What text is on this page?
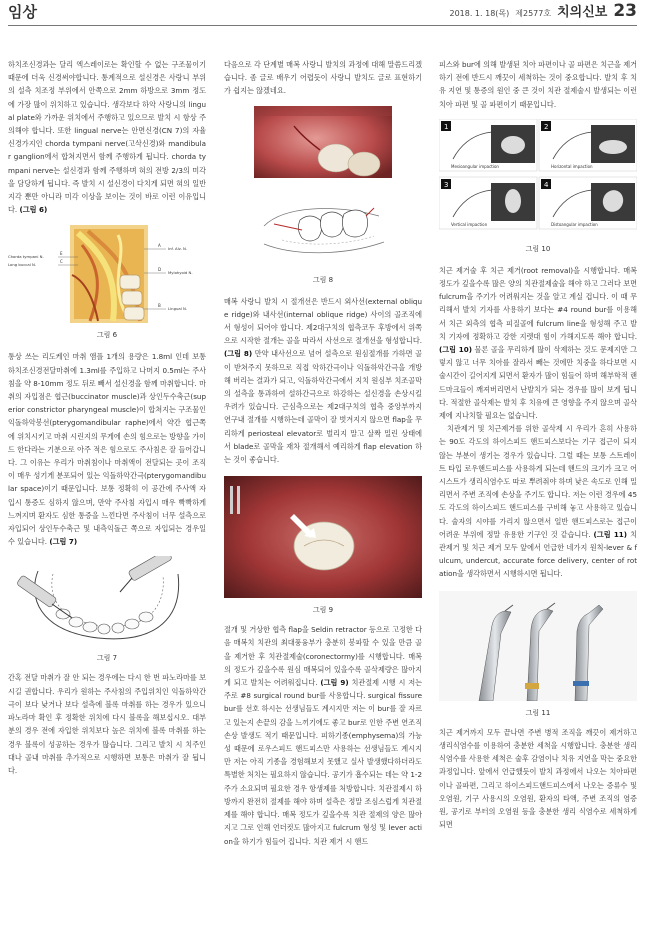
임상	2018. 1. 18(목) 제2577호 치의신보 23

하치조신경과는 달리 엑스레이로는 확인할 수 없는 구조물이기 때문에 더욱 신경써야합니다. 통계적으로 설신경은 사랑니 부위의 설측 치조정 부위에서 안쪽으로 2mm 하방으로 3mm 정도에 가장 많이 위치하고 있습니다. 생각보다 하악 사랑니의 lingual plate와 가까운 위치에서 주행하고 있으므로 발치 시 항상 주의해야 합니다. 또한 lingual nerve는 안면신경(CN 7)의 자율신경가지인 chorda tympani nerve(고삭신경)와 mandibular ganglion에서 합쳐지면서 함께 주행하게 됩니다. chorda tympani nerve는 설신경과 함께 주행하며 혀의 전방 2/3의 미각을 담당하게 됩니다. 즉 발치 시 설신경이 다치게 되면 혀의 일반 지각 뿐만 아니라 미각 이상을 보이는 것이 바로 이런 이유입니다. (그림 6)

Chorda tympani N.
Long buccal N.
E
C
A
Inf. Alv. N.
D
Mylohyoid N.
B
Lingual N.
그림 6

통상 쓰는 리도케인 마취 앰플 1개의 용량은 1.8ml 인데 보통 하치조신경전달마취에 1.3ml를 주입하고 나머지 0.5ml는 주사침을 약 8-10mm 정도 뒤로 빼서 설신경을 함께 마취합니다. 마취의 자입점은 협근(buccinator muscle)과 상인두수축근(superior constrictor pharyngeal muscle)이 합쳐지는 구조물인 익돌하악봉선(pterygomandibular raphe)에서 약간 협근쪽에 위치시키고 마취 시린지의 무게에 손의 힘으로는 방향을 가이드 한다라는 기분으로 아주 적은 힘으로도 주사침은 잘 들어갑니다. 그 이유는 우리가 마취침이나 마취액이 전달되는 곳이 조직이 매우 성기게 분포되어 있는 익돌하악간극(pterygomandibular space)이기 때문입니다. 보통 정확히 이 공간에 주사액 자입시 통증도 심하지 않으며, 만약 주사침 자입시 매우 빡빡하게 느껴지며 환자도 심한 통증을 느낀다면 주사침이 너무 설측으로 자입되어 상인두수축근 및 내측익돌근 쪽으로 자입되는 경우일 수 있습니다. (그림 7)

그림 7

간혹 전달 마취가 잘 안 되는 경우에는 다시 한 번 파노라마를 보시길 권합니다. 우리가 원하는 주사침의 주입위치인 익돌하악간극이 보다 낮거나 보다 설측에 블록 마취를 하는 경우가 있으니 파노라마 확인 후 정확한 위치에 다시 블록을 해보십시오. 대부분의 경우 전에 자입한 위치보다 높은 위치에 블록 마취를 하는 경우 블록이 성공하는 경우가 많습니다. 그리고 발치 시 치주인대나 골내 마취를 추가적으로 시행하면 보통은 마취가 잘 됩니다.

다음으로 각 단계별 매복 사랑니 발치의 과정에 대해 말씀드리겠습니다. 좀 글로 배우기 어렵듯이 사랑니 발치도 글로 표현하기가 쉽지는 않겠네요.

그림 8

매복 사랑니 발치 시 절개선은 반드시 외사선(external oblique ridge)와 내사선(internal oblique ridge) 사이의 골조직에서 형성이 되어야 합니다. 제2대구치의 협측코두 후방에서 위쪽으로 시작한 절개는 골을 따라서 사선으로 절개선을 형성합니다. (그림 8) 만약 내사선으로 넘어 설측으로 원심절개를 가하면 골이 받쳐주지 못하므로 직접 악하간극이나 익돌하악간극을 개방해 버리는 결과가 되고, 익돌하악간극에서 지치 원심부 치조골막의 설측을 통과하여 설하간극으로 하강하는 설신경을 손상시킬 우려가 있습니다. 근심측으로는 제2대구치의 협측 중앙부까지 연구내 절개를 시행하는데 골막이 잘 벗겨지지 않으면 flap을 무리하게 periosteal elevator로 벌리지 말고 살짝 밀린 상태에서 blade로 골막을 재차 절개해서 예리하게 flap elevation 하는 것이 좋습니다.

그림 9

절개 및 거상한 협측 flap을 Seldin retractor 등으로 고정한 다음 매복치 치관의 최대풍융부가 충분히 봉파할 수 있을 만큼 골을 제거한 후 치관절제술(coronectormy)를 시행합니다. 매복의 정도가 깊을수록 원심 매복되어 있을수록 골삭제량은 많아지게 되고 발치는 어려워집니다. (그림 9) 치관절제 시행 시 저는 주로 #8 surgical round bur를 사용합니다. surgical fissure bur를 선호 하시는 선생님들도 계시지만 저는 이 bur를 잘 자르고 있는지 손끝의 감을 느끼기에도 좋고 bur로 인한 주변 연조직 손상 발생도 적기 때문입니다. 피하기종(emphysema)의 가능성 때문에 로우스피드 핸드피스만 사용하는 선생님들도 계시지만 저는 아직 기종을 경험해보지 못했고 실사 발생했다하더라도 특별한 처치는 필요하지 않습니다. 공기가 흡수되는 데는 약 1-2주가 소요되며 필요한 경우 항생제를 처방합니다. 치관절제시 하방까지 완전히 절제를 해야 하며 설측은 정말 조심스럽게 치관절제를 해야 합니다. 매복 정도가 깊을수록 치관 절제의 양은 많아지고 그로 인해 언더컷도 많아지고 fulcrum 형성 및 lever action을 하기가 힘들어 집니다. 치관 제거 시 핸드

피스와 bur에 의해 발생된 치아 파편이나 골 파편은 치근을 제거하기 전에 반드시 깨끗이 세척하는 것이 중요합니다. 발치 후 치유 지연 및 통증의 원인 중 큰 것이 치관 절제술시 발생되는 이런 치아 파편 및 골 파편이기 때문입니다.

1
Mesioangular impaction
2
Horizontal impaction
3
Vertical impaction
4
Distoangular impaction
그림 10

치근 제거술 후 치근 제거(root removal)을 시행합니다. 매복 정도가 깊을수록 많은 양의 치관절제술을 해야 하고 그러다 보면 fulcrum을 주기가 어려워지는 것을 알고 계실 겁니다. 이 때 무리해서 발치 기자를 사용하기 보다는 #4 round bur를 이용해서 치근 외측의 협측 피질골에 fulcrum line을 형성해 주고 발치 기자에 정확하고 강한 지렛대 힘이 가해지도록 해야 합니다. (그림 10) 물론 골을 무리하게 많이 삭제하는 것도 문제지만 그렇지 않고 너무 치아를 잘라서 빼는 것에만 치중을 하다보면 시술시간이 길어지게 되면서 환자가 많이 힘들어 하며 해부학적 랜드마크들이 깨져버리면서 난발치가 되는 경우를 많이 보게 됩니다. 적절한 골삭제는 발치 후 치유에 큰 영향을 주지 않으며 골삭제에 지나치할 필요는 없습니다.

치관제거 및 치근제거를 위한 골삭제 시 우리가 흔히 사용하는 90도 각도의 하이스피드 핸드피스보다는 기구 접근이 되지 않는 부분이 생기는 경우가 있습니다. 그럴 때는 보통 스트레이트 타입 로우핸드피스를 사용하게 되는데 핸드의 크기가 크고 어시스트가 생리식염수도 따로 뿌려줘야 하며 낮은 속도로 인해 밀리면서 주변 조직에 손상을 주기도 합니다. 저는 이런 경우에 45도 각도의 하이스피드 핸드피스를 구비해 놓고 사용하고 있습니다. 술자의 시야를 가리지 않으면서 일반 핸드피스로는 접근이 어려운 부위에 정말 유용한 기구인 것 같습니다. (그림 11) 치관제거 및 치근 제거 모두 앞에서 언급한 네가지 원칙-lever & fulcum, undercut, accurate force delivery, center of rotation을 생각하면서 시행하시면 됩니다.

그림 11

치근 제거까지 모두 끝나면 주변 병적 조직을 깨끗이 제거하고 생리식염수를 이용하여 충분한 세척을 시행합니다. 충분한 생리식염수를 사용한 세척은 술후 감염이나 치유 지연을 막는 중요한 과정입니다. 앞에서 언급했듯이 발치 과정에서 나오는 치아파편이나 골파편, 그리고 하이스피드핸드피스에서 나오는 증류수 및 오염원, 기구 사용시의 오염원, 환자의 타액, 주변 조직의 염증원, 공기로 부터의 오염원 등을 충분한 생리 식염수로 세척하게 되면
